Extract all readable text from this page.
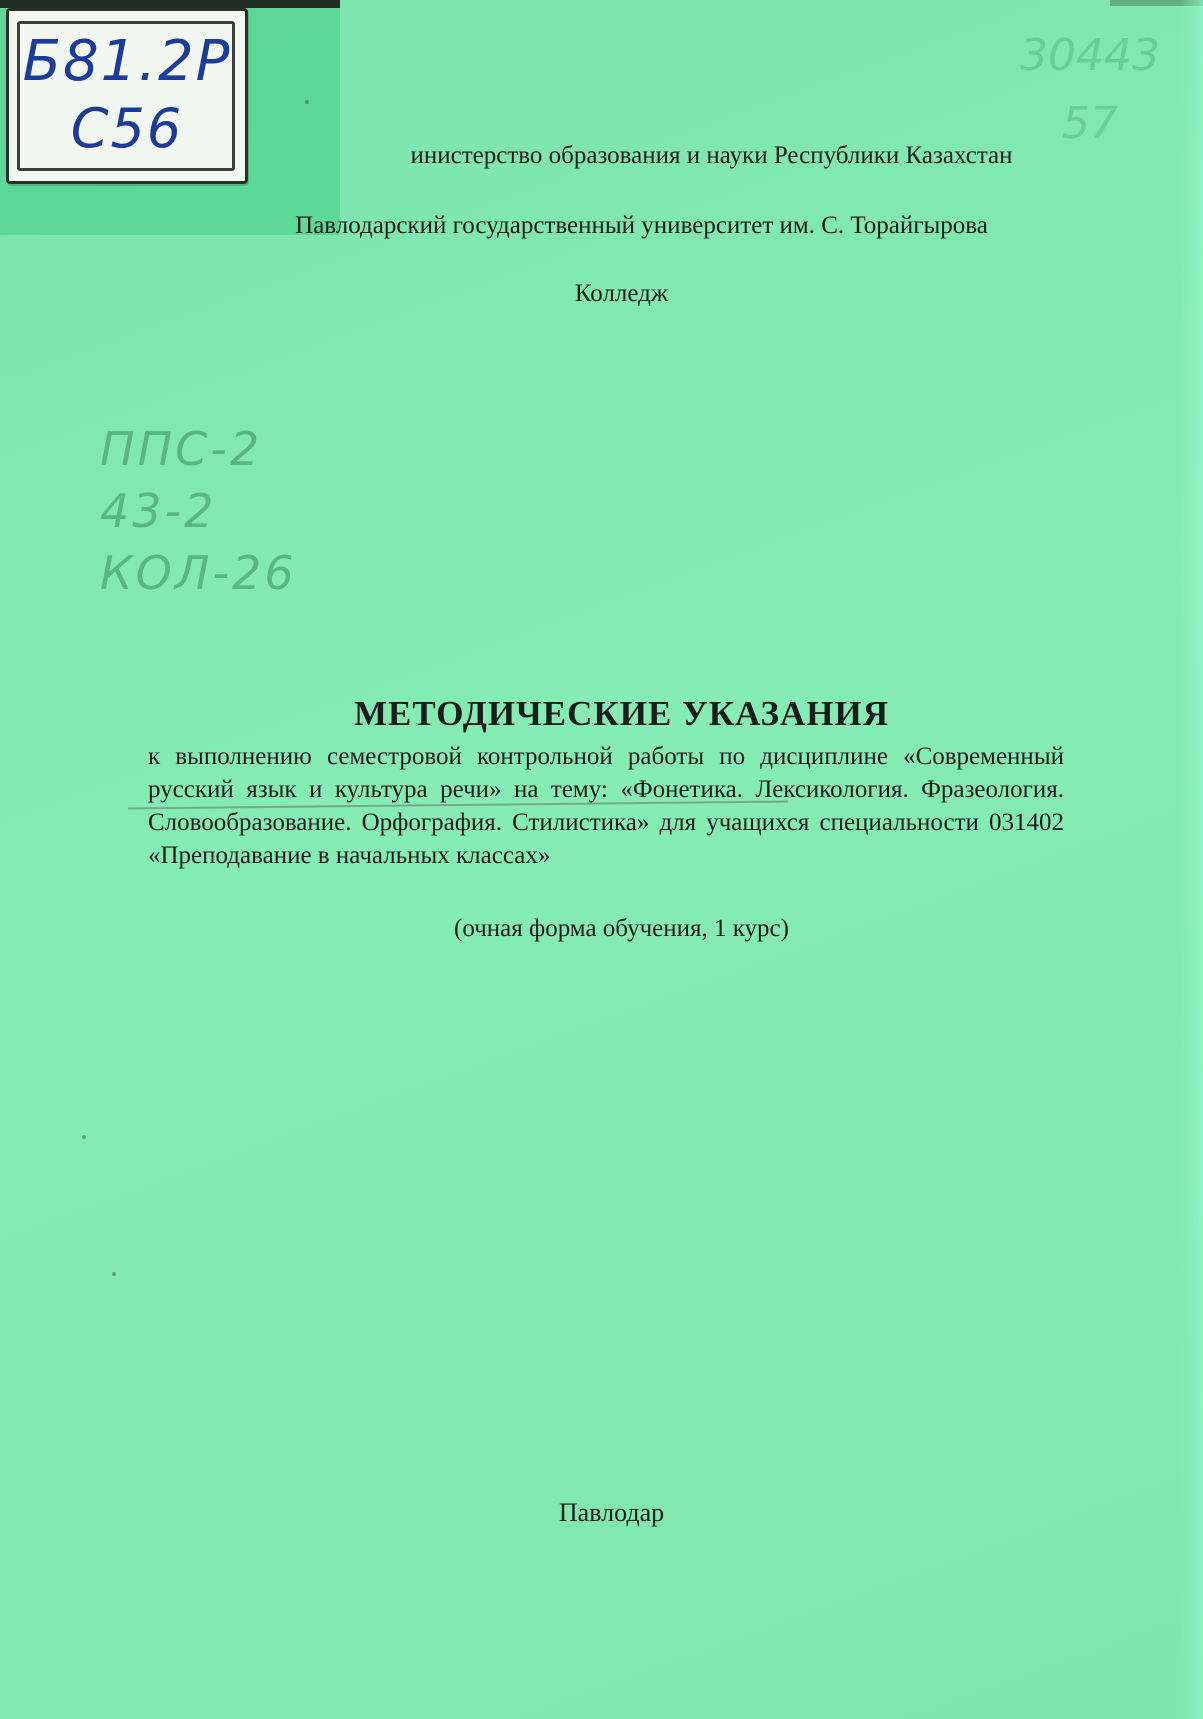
Б81.2Р
С56
30443
57
инистерство образования и науки Республики Казахстан
Павлодарский государственный университет им. С. Торайгырова
Колледж
ППС-2
43-2
КОЛ-26
МЕТОДИЧЕСКИЕ УКАЗАНИЯ
к выполнению семестровой контрольной работы по дисциплине «Современный русский язык и культура речи» на тему: «Фонетика. Лексикология. Фразеология. Словообразование. Орфография. Стилистика» для учащихся специальности 031402 «Преподавание в начальных классах»
(очная форма обучения, 1 курс)
Павлодар
